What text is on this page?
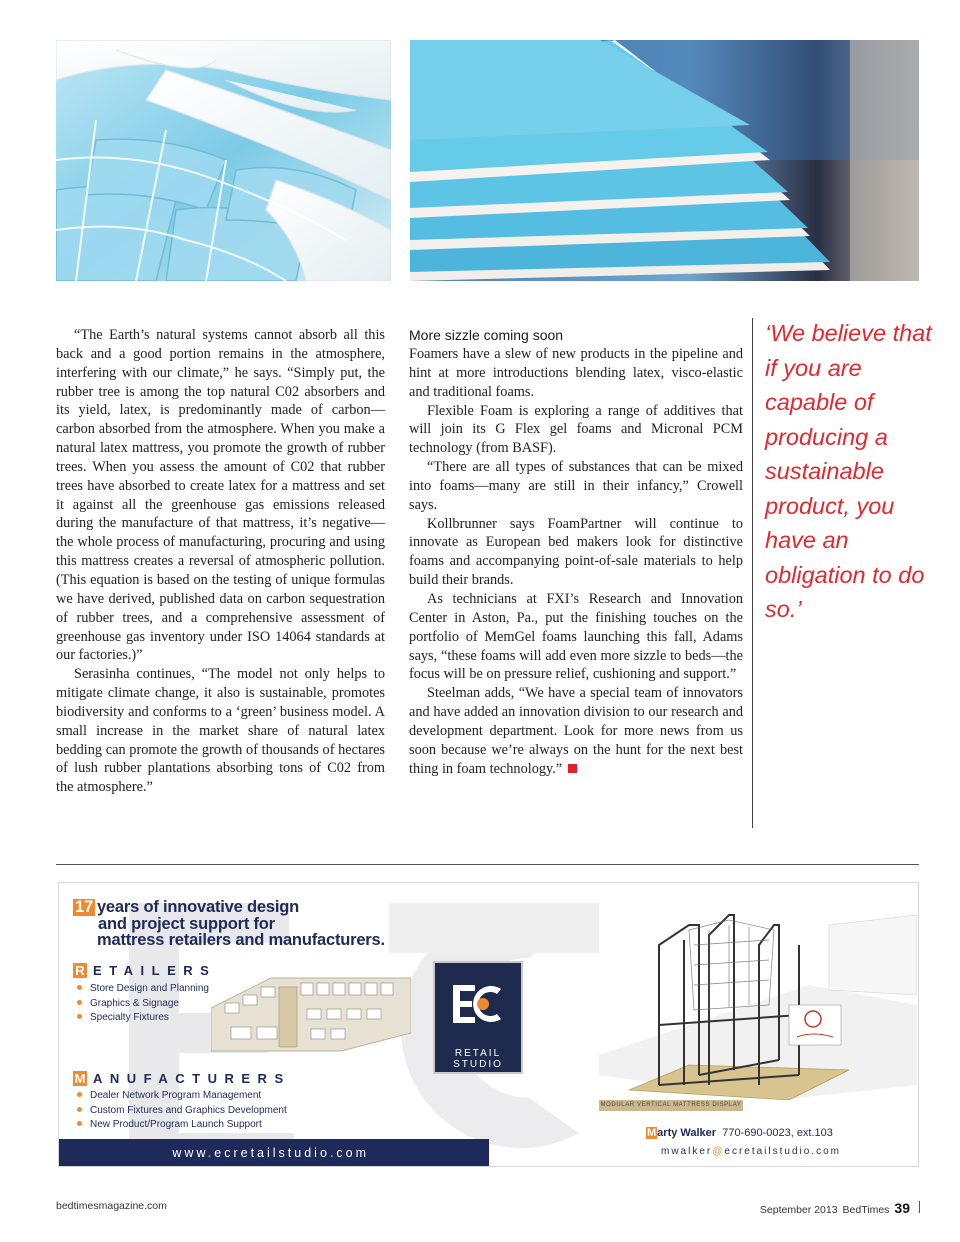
“The Earth’s natural systems cannot absorb all this back and a good portion remains in the atmosphere, interfering with our climate,” he says. “Simply put, the rubber tree is among the top natural C02 absorbers and its yield, latex, is predominantly made of carbon—carbon absorbed from the atmosphere. When you make a natural latex mattress, you promote the growth of rubber trees. When you assess the amount of C02 that rubber trees have absorbed to create latex for a mattress and set it against all the greenhouse gas emissions released during the manufacture of that mattress, it’s negative—the whole process of manufacturing, procuring and using this mattress creates a reversal of atmospheric pollution. (This equation is based on the testing of unique formulas we have derived, published data on carbon sequestration of rubber trees, and a comprehensive assessment of greenhouse gas inventory under ISO 14064 standards at our factories.)”

Serasinha continues, “The model not only helps to mitigate climate change, it also is sustainable, promotes biodiversity and conforms to a ‘green’ business model. A small increase in the market share of natural latex bedding can promote the growth of thousands of hectares of lush rubber plantations absorbing tons of C02 from the atmosphere.”

More sizzle coming soon

Foamers have a slew of new products in the pipeline and hint at more introductions blending latex, visco-elastic and traditional foams.

Flexible Foam is exploring a range of additives that will join its G Flex gel foams and Micronal PCM technology (from BASF).

“There are all types of substances that can be mixed into foams—many are still in their infancy,” Crowell says.

Kollbrunner says FoamPartner will continue to innovate as European bed makers look for distinctive foams and accompanying point-of-sale materials to help build their brands.

As technicians at FXI’s Research and Innovation Center in Aston, Pa., put the finishing touches on the portfolio of MemGel foams launching this fall, Adams says, “these foams will add even more sizzle to beds—the focus will be on pressure relief, cushioning and support.”

Steelman adds, “We have a special team of innovators and have added an innovation division to our research and development department. Look for more news from us soon because we’re always on the hunt for the next best thing in foam technology.”

‘We believe that if you are capable of producing a sustainable product, you have an obligation to do so.’

17 years of innovative design
and project support for
mattress retailers and manufacturers.
R ETAILERS
Store Design and Planning
Graphics & Signage
Specialty Fixtures
RETAIL
STUDIO
M ANUFACTURERS
Dealer Network Program Management
Custom Fixtures and Graphics Development
New Product/Program Launch Support
www.ecretailstudio.com
MODULAR VERTICAL MATTRESS DISPLAY
Marty Walker 770-690-0023, ext.103
mwalker@ecretailstudio.com
bedtimesmagazine.com	September 2013 BedTimes 39
